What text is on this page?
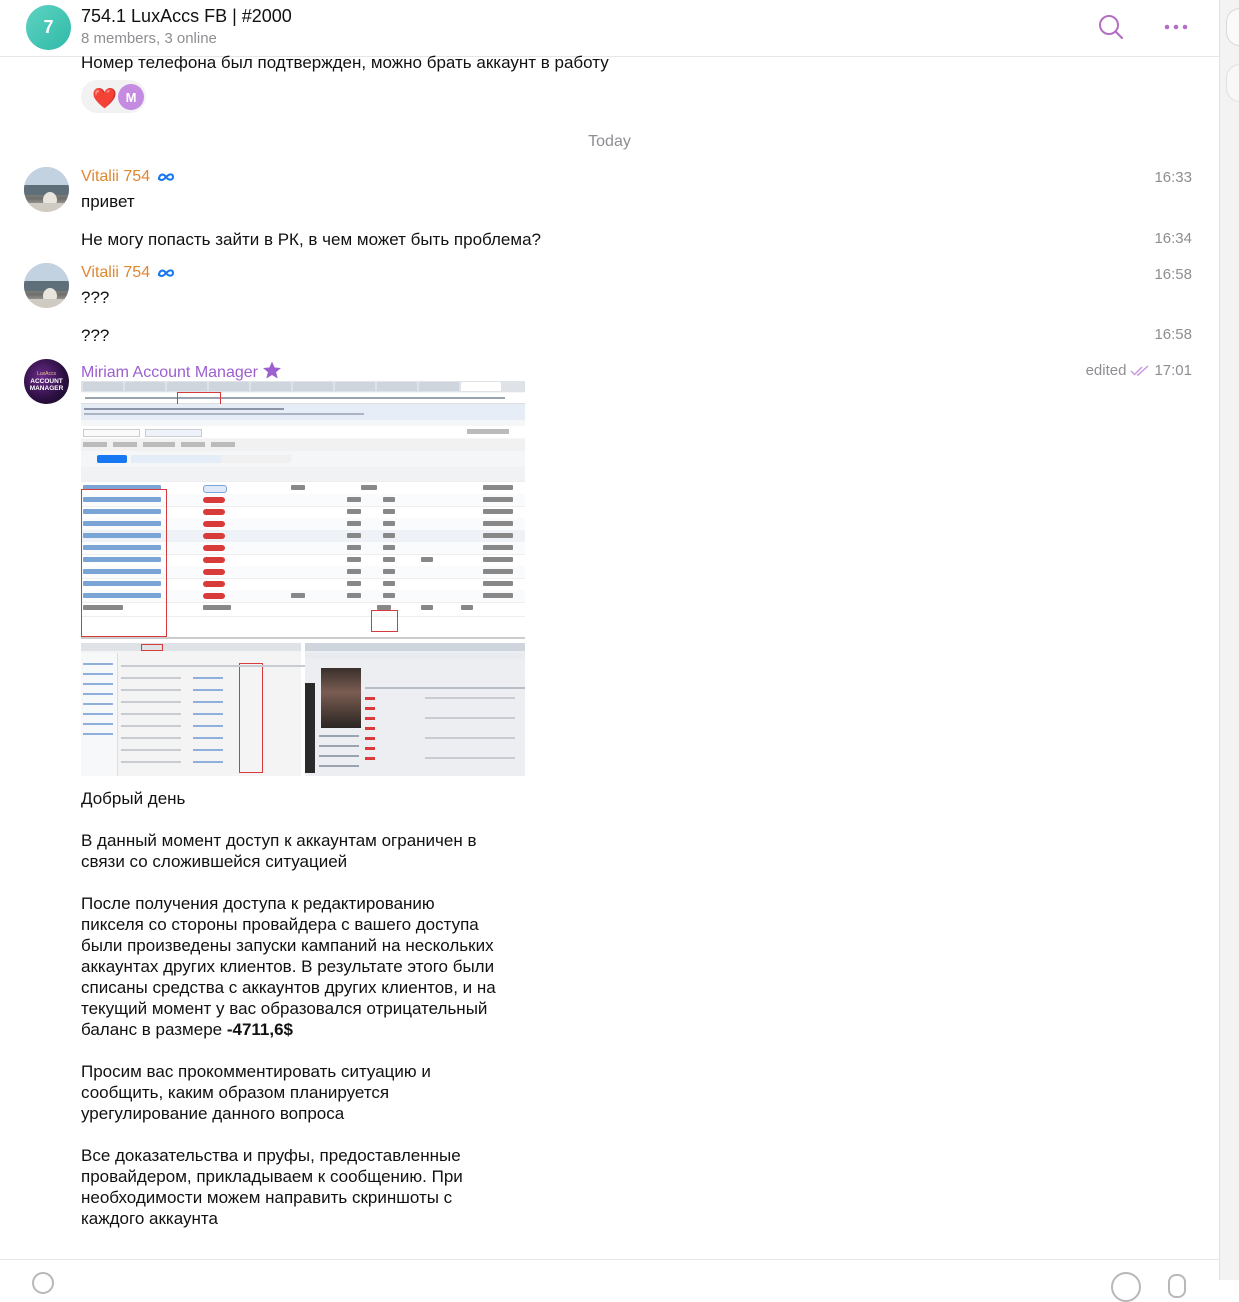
7
754.1 LuxAccs FB | #2000
8 members, 3 online
Номер телефона был подтвержден, можно брать аккаунт в работу
❤️ M
Today
Vitalii 754	16:33
привет
Не могу попасть зайти в РК, в чем может быть проблема?	16:34
Vitalii 754	16:58
???
???	16:58
LuxAccs
ACCOUNT MANAGER
Miriam Account Manager	edited 17:01
Добрый день
В данный момент доступ к аккаунтам ограничен в
связи со сложившейся ситуацией
После получения доступа к редактированию
пикселя со стороны провайдера с вашего доступа
были произведены запуски кампаний на нескольких
аккаунтах других клиентов. В результате этого были
списаны средства с аккаунтов других клиентов, и на
текущий момент у вас образовался отрицательный
баланс в размере -4711,6$
Просим вас прокомментировать ситуацию и
сообщить, каким образом планируется
урегулирование данного вопроса
Все доказательства и пруфы, предоставленные
провайдером, прикладываем к сообщению. При
необходимости можем направить скриншоты с
каждого аккаунта
